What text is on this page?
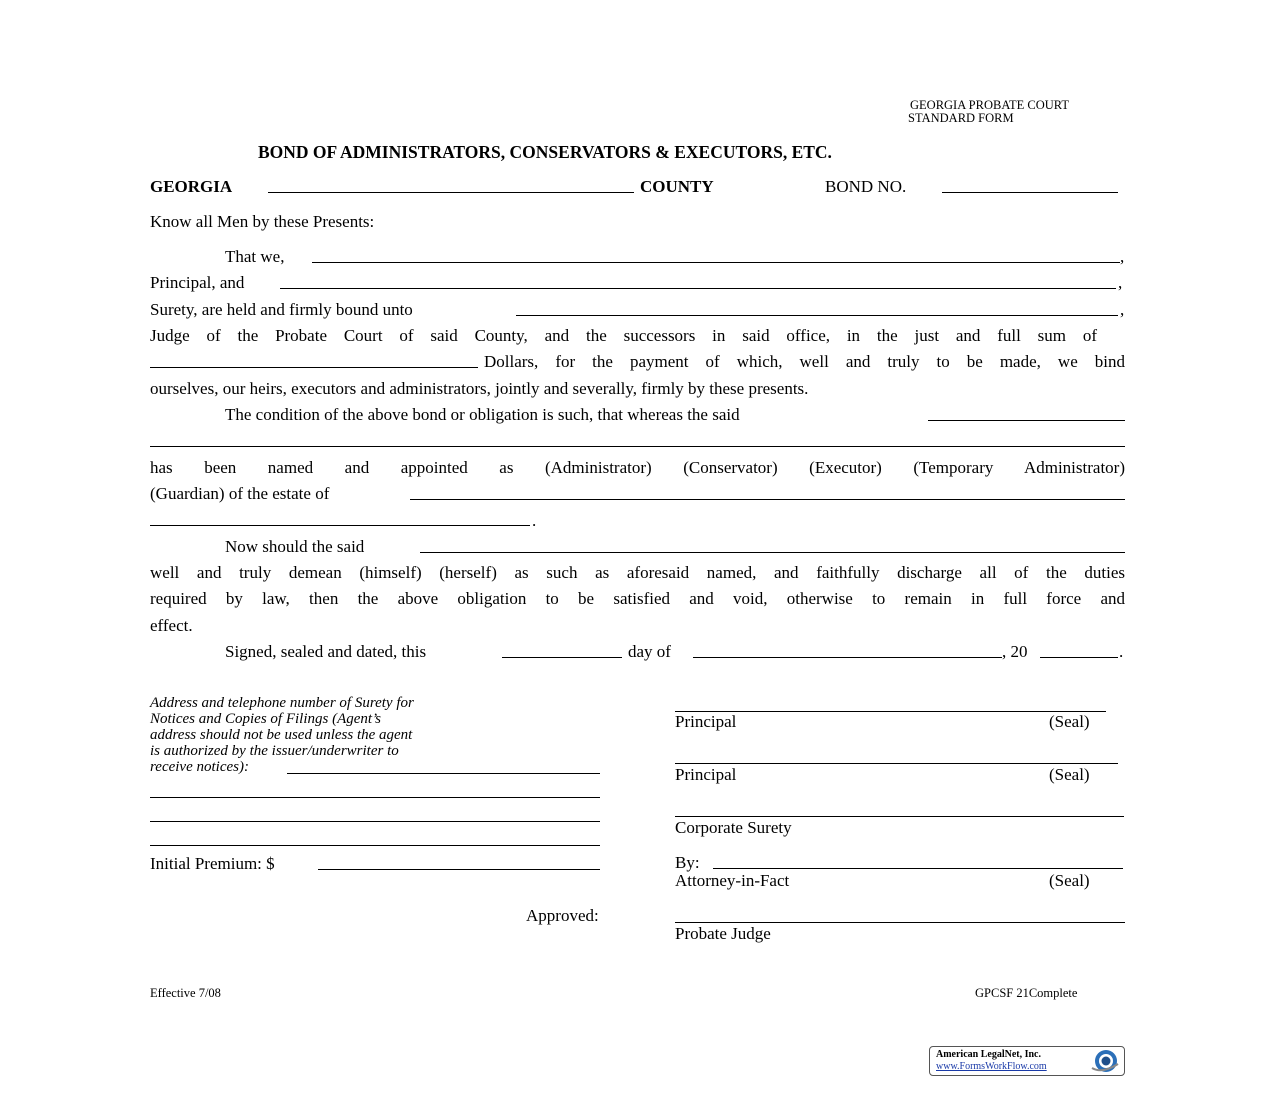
GEORGIA PROBATE COURT
STANDARD FORM
BOND OF ADMINISTRATORS, CONSERVATORS & EXECUTORS, ETC.
GEORGIA	COUNTY	BOND NO.
Know all Men by these Presents:
That we,	,
Principal, and	,
Surety, are held and firmly bound unto	,
Judge of the Probate Court of said County, and the successors in said office, in the just and full sum of
Dollars, for the payment of which, well and truly to be made, we bind
ourselves, our heirs, executors and administrators, jointly and severally, firmly by these presents.
The condition of the above bond or obligation is such, that whereas the said
has been named and appointed as (Administrator) (Conservator) (Executor) (Temporary Administrator)
(Guardian) of the estate of
.
Now should the said
well and truly demean (himself) (herself) as such as aforesaid named, and faithfully discharge all of the duties
required by law, then the above obligation to be satisfied and void, otherwise to remain in full force and
effect.
Signed, sealed and dated, this	day of	, 20	.
Address and telephone number of Surety for
Notices and Copies of Filings (Agent’s
address should not be used unless the agent
is authorized by the issuer/underwriter to
receive notices):
Initial Premium: $
Principal	(Seal)
Principal	(Seal)
Corporate Surety
By:
Attorney-in-Fact	(Seal)
Approved:
Probate Judge
Effective 7/08	GPCSF 21Complete
American LegalNet, Inc.
www.FormsWorkFlow.com
